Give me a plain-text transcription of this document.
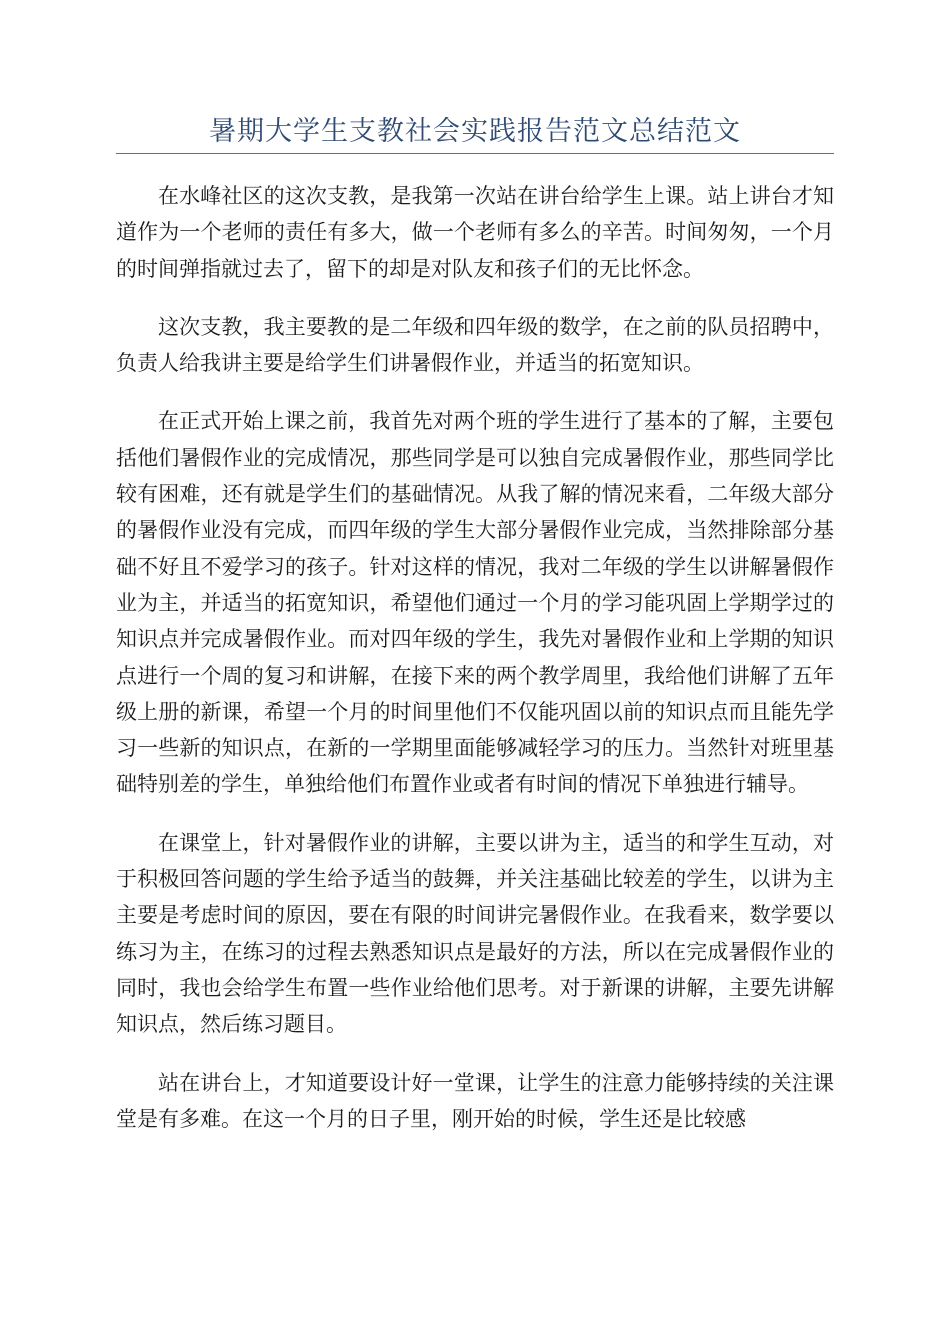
暑期大学生支教社会实践报告范文总结范文

在水峰社区的这次支教，是我第一次站在讲台给学生上课。站上讲台才知道作为一个老师的责任有多大，做一个老师有多么的辛苦。时间匆匆，一个月的时间弹指就过去了，留下的却是对队友和孩子们的无比怀念。

这次支教，我主要教的是二年级和四年级的数学，在之前的队员招聘中，负责人给我讲主要是给学生们讲暑假作业，并适当的拓宽知识。

在正式开始上课之前，我首先对两个班的学生进行了基本的了解，主要包括他们暑假作业的完成情况，那些同学是可以独自完成暑假作业，那些同学比较有困难，还有就是学生们的基础情况。从我了解的情况来看，二年级大部分的暑假作业没有完成，而四年级的学生大部分暑假作业完成，当然排除部分基础不好且不爱学习的孩子。针对这样的情况，我对二年级的学生以讲解暑假作业为主，并适当的拓宽知识，希望他们通过一个月的学习能巩固上学期学过的知识点并完成暑假作业。而对四年级的学生，我先对暑假作业和上学期的知识点进行一个周的复习和讲解，在接下来的两个教学周里，我给他们讲解了五年级上册的新课，希望一个月的时间里他们不仅能巩固以前的知识点而且能先学习一些新的知识点，在新的一学期里面能够减轻学习的压力。当然针对班里基础特别差的学生，单独给他们布置作业或者有时间的情况下单独进行辅导。

在课堂上，针对暑假作业的讲解，主要以讲为主，适当的和学生互动，对于积极回答问题的学生给予适当的鼓舞，并关注基础比较差的学生，以讲为主主要是考虑时间的原因，要在有限的时间讲完暑假作业。在我看来，数学要以练习为主，在练习的过程去熟悉知识点是最好的方法，所以在完成暑假作业的同时，我也会给学生布置一些作业给他们思考。对于新课的讲解，主要先讲解知识点，然后练习题目。

站在讲台上，才知道要设计好一堂课，让学生的注意力能够持续的关注课堂是有多难。在这一个月的日子里，刚开始的时候，学生还是比较感
